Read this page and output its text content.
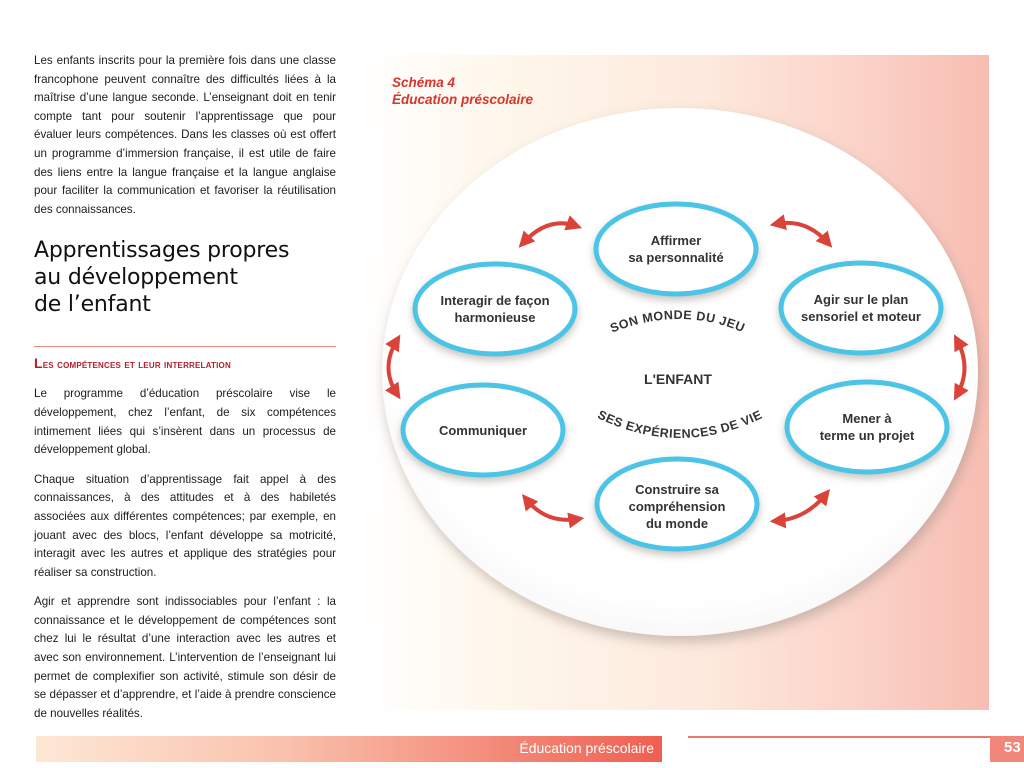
Les enfants inscrits pour la première fois dans une classe francophone peuvent connaître des difficultés liées à la maîtrise d’une langue seconde. L’enseignant doit en tenir compte tant pour soutenir l’apprentissage que pour évaluer leurs compétences. Dans les classes où est offert un programme d’immersion française, il est utile de faire des liens entre la langue française et la langue anglaise pour faciliter la communication et favoriser la réutilisation des connaissances.

Apprentissages propres
au développement
de l’enfant
Les compétences et leur interrelation

Le programme d’éducation préscolaire vise le développement, chez l’enfant, de six compétences intimement liées qui s’insèrent dans un processus de développement global.

Chaque situation d’apprentissage fait appel à des connaissances, à des attitudes et à des habiletés associées aux différentes compétences; par exemple, en jouant avec des blocs, l’enfant développe sa motricité, interagit avec les autres et applique des stratégies pour réaliser sa construction.

Agir et apprendre sont indissociables pour l’enfant : la connaissance et le développement de compétences sont chez lui le résultat d’une interaction avec les autres et avec son environnement. L’intervention de l’enseignant lui permet de complexifier son activité, stimule son désir de se dépasser et d’apprendre, et l’aide à prendre conscience de nouvelles réalités.

Schéma 4
Éducation préscolaire
Affirmer
sa personnalité
Agir sur le plan
sensoriel et moteur
Mener à
terme un projet
Construire sa
compréhension
du monde
Communiquer
Interagir de façon
harmonieuse
SON MONDE DU JEU
L'ENFANT
SES EXPÉRIENCES DE VIE
Éducation préscolaire	53
